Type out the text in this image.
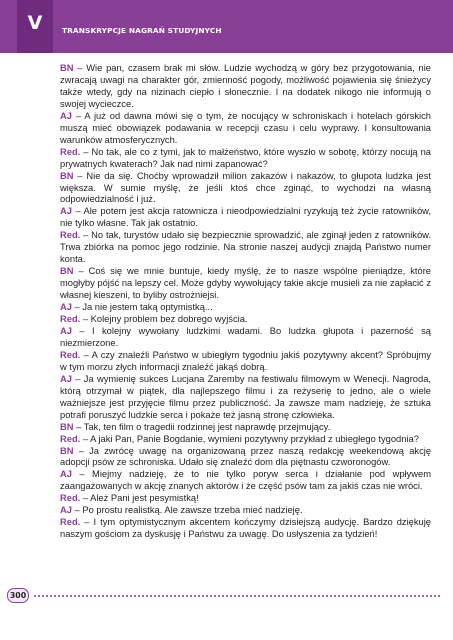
V	TRANSKRYPCJE NAGRAŃ STUDYJNYCH

BN – Wie pan, czasem brak mi słów. Ludzie wychodzą w góry bez przygotowania, nie zwracają uwagi na charakter gór, zmienność pogody, możliwość pojawienia się śnieżycy także wtedy, gdy na nizinach ciepło i słonecznie. I na dodatek nikogo nie informują o swojej wycieczce.

AJ – A już od dawna mówi się o tym, że nocujący w schroniskach i hotelach górskich muszą mieć obowiązek podawania w recepcji czasu i celu wyprawy. I konsultowania warunków atmosferycznych.

Red. – No tak, ale co z tymi, jak to małżeństwo, które wyszło w sobotę, którzy nocują na prywatnych kwaterach? Jak nad nimi zapanować?

BN – Nie da się. Choćby wprowadził milion zakazów i nakazów, to głupota ludzka jest większa. W sumie myślę, że jeśli ktoś chce zginąć, to wychodzi na własną odpowiedzialność i już.

AJ – Ale potem jest akcja ratownicza i nieodpowiedzialni ryzykują też życie ratowników, nie tylko własne. Tak jak ostatnio.

Red. – No tak, turystów udało się bezpiecznie sprowadzić, ale zginął jeden z ratowników. Trwa zbiórka na pomoc jego rodzinie. Na stronie naszej audycji znajdą Państwo numer konta.

BN – Coś się we mnie buntuje, kiedy myślę, że to nasze wspólne pieniądze, które mogłyby pójść na lepszy cel. Może gdyby wywołujący takie akcje musieli za nie zapłacić z własnej kieszeni, to byliby ostrożniejsi.

AJ – Ja nie jestem taką optymistką...

Red. – Kolejny problem bez dobrego wyjścia.

AJ – I kolejny wywołany ludzkimi wadami. Bo ludzka głupota i pazerność są niezmierzone.

Red. – A czy znaleźli Państwo w ubiegłym tygodniu jakiś pozytywny akcent? Spróbujmy w tym morzu złych informacji znaleźć jakąś dobrą.

AJ – Ja wymienię sukces Lucjana Zaremby na festiwalu filmowym w Wenecji. Nagroda, którą otrzymał w piątek, dla najlepszego filmu i za reżyserię to jedno, ale o wiele ważniejsze jest przyjęcie filmu przez publiczność. Ja zawsze mam nadzieję, że sztuka potrafi poruszyć ludzkie serca i pokaże też jasną stronę człowieka.

BN – Tak, ten film o tragedii rodzinnej jest naprawdę przejmujący.

Red. – A jaki Pan, Panie Bogdanie, wymieni pozytywny przykład z ubiegłego tygodnia?

BN – Ja zwrócę uwagę na organizowaną przez naszą redakcję weekendową akcję adopcji psów ze schroniska. Udało się znaleźć dom dla piętnastu czworonogów.

AJ – Miejmy nadzieję, że to nie tylko poryw serca i działanie pod wpływem zaangażowanych w akcję znanych aktorów i że część psów tam za jakiś czas nie wróci.

Red. – Ależ Pani jest pesymistką!

AJ – Po prostu realistką. Ale zawsze trzeba mieć nadzieję.

Red. – I tym optymistycznym akcentem kończymy dzisiejszą audycję. Bardzo dziękuję naszym gościom za dyskusję i Państwu za uwagę. Do usłyszenia za tydzień!

300
